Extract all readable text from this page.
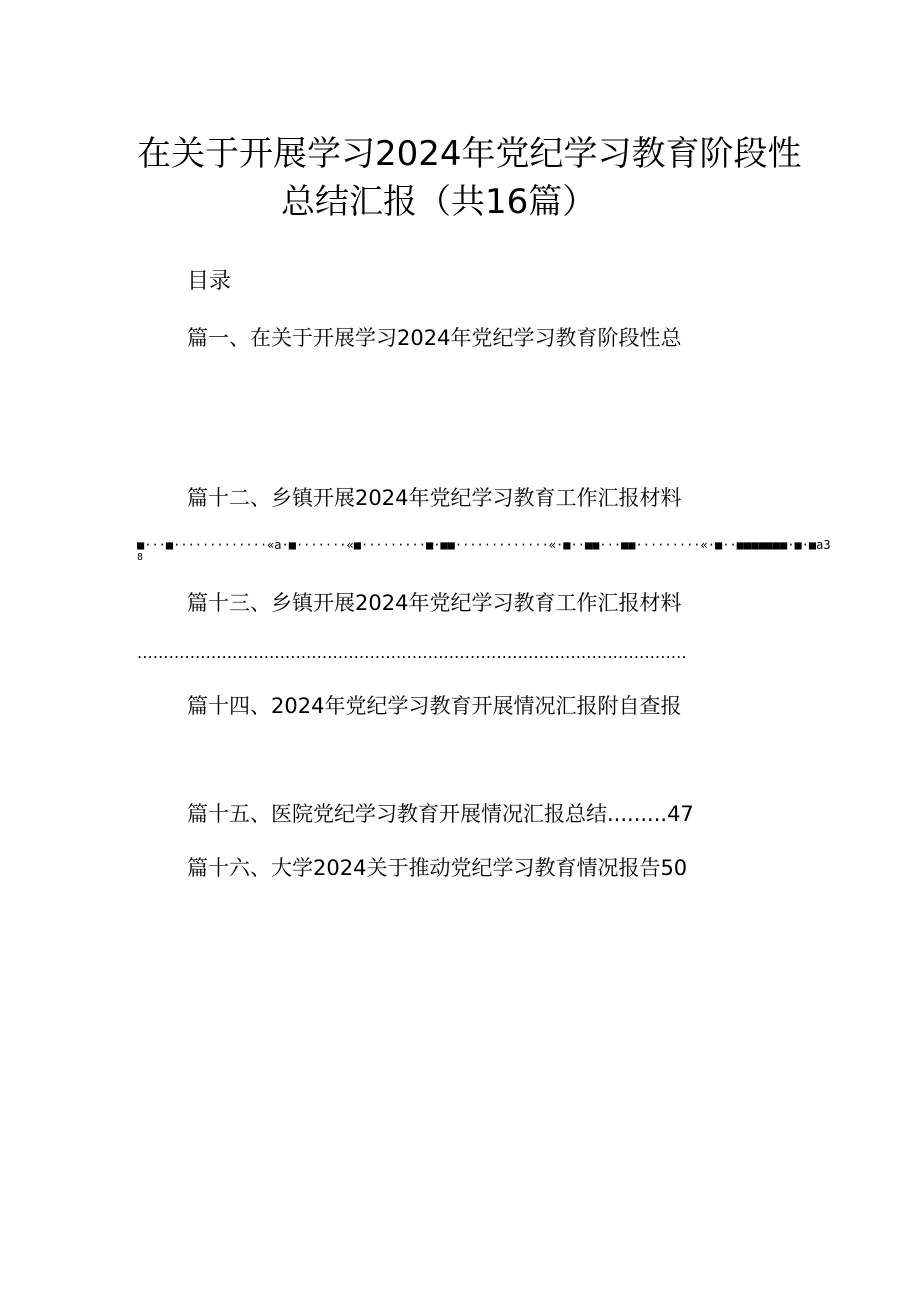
在关于开展学习2024年党纪学习教育阶段性
总结汇报（共16篇）
目录
篇一、在关于开展学习2024年党纪学习教育阶段性总
篇十二、乡镇开展2024年党纪学习教育工作汇报材料
■···■·············«a·■·······«■·········■·■■·············«·■··■■···■■·········«·■··■■■■■■■·■·■a3
8
篇十三、乡镇开展2024年党纪学习教育工作汇报材料
........................................................................................................
篇十四、2024年党纪学习教育开展情况汇报附自查报
篇十五、医院党纪学习教育开展情况汇报总结.........47
篇十六、大学2024关于推动党纪学习教育情况报告50
